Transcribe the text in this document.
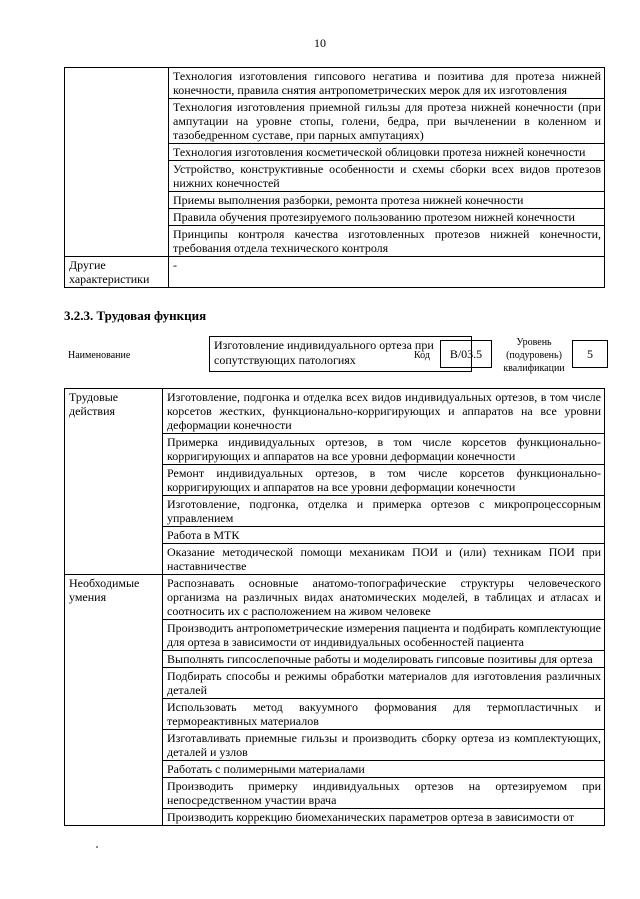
10
	Технология изготовления гипсового негатива и позитива для протеза нижней конечности, правила снятия антропометрических мерок для их изготовления
	Технология изготовления приемной гильзы для протеза нижней конечности (при ампутации на уровне стопы, голени, бедра, при вычленении в коленном и тазобедренном суставе, при парных ампутациях)
	Технология изготовления косметической облицовки протеза нижней конечности
	Устройство, конструктивные особенности и схемы сборки всех видов протезов нижних конечностей
	Приемы выполнения разборки, ремонта протеза нижней конечности
	Правила обучения протезируемого пользованию протезом нижней конечности
	Принципы контроля качества изготовленных протезов нижней конечности, требования отдела технического контроля
Другие характеристики	-
3.2.3. Трудовая функция
Наименование
Изготовление индивидуального ортеза при сопутствующих патологиях	Код	В/03.5
Уровень (подуровень) квалификации
5
Трудовые действия	Изготовление, подгонка и отделка всех видов индивидуальных ортезов, в том числе корсетов жестких, функционально-корригирующих и аппаратов на все уровни деформации конечности
	Примерка индивидуальных ортезов, в том числе корсетов функционально-корригирующих и аппаратов на все уровни деформации конечности
	Ремонт индивидуальных ортезов, в том числе корсетов функционально-корригирующих и аппаратов на все уровни деформации конечности
	Изготовление, подгонка, отделка и примерка ортезов с микропроцессорным управлением
	Работа в МТК
	Оказание методической помощи механикам ПОИ и (или) техникам ПОИ при наставничестве
Необходимые умения	Распознавать основные анатомо-топографические структуры человеческого организма на различных видах анатомических моделей, в таблицах и атласах и соотносить их с расположением на живом человеке
	Производить антропометрические измерения пациента и подбирать комплектующие для ортеза в зависимости от индивидуальных особенностей пациента
	Выполнять гипсослепочные работы и моделировать гипсовые позитивы для ортеза
	Подбирать способы и режимы обработки материалов для изготовления различных деталей
	Использовать метод вакуумного формования для термопластичных и термореактивных материалов
	Изготавливать приемные гильзы и производить сборку ортеза из комплектующих, деталей и узлов
	Работать с полимерными материалами
	Производить примерку индивидуальных ортезов на ортезируемом при непосредственном участии врача
	Производить коррекцию биомеханических параметров ортеза в зависимости от
